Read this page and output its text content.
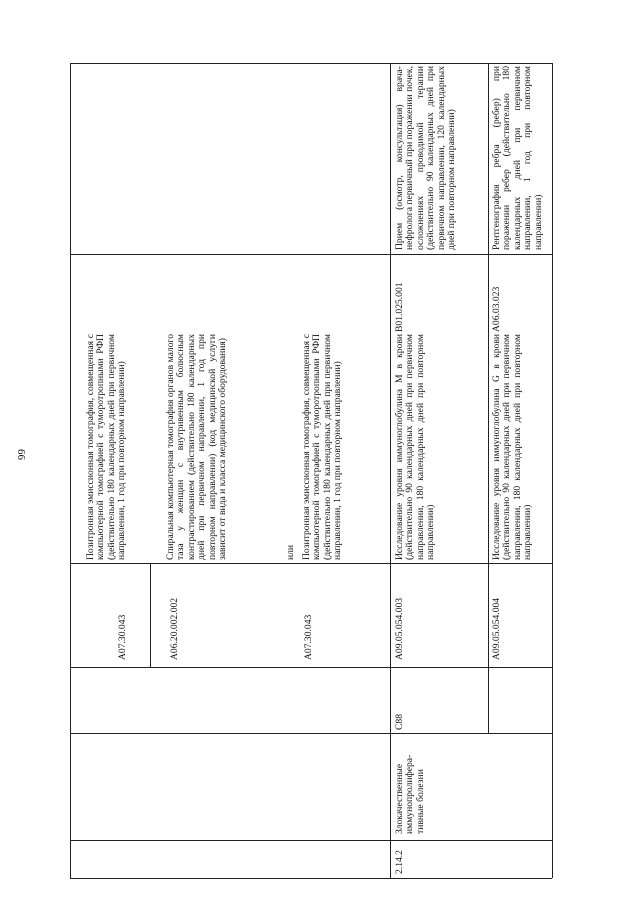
66
A07.30.043
Позитронная эмиссионная томография, совмещенная с компьютерной томографией с туморотропными РФП (действительно 180 календарных дней при первичном направлении, 1 год при повторном направлении)
A06.20.002.002
Спиральная компьютерная томография органов малого таза у женщин с внутривенным болюсным контрастированием (действительно 180 календарных дней при первичном направлении, 1 год при повторном направлении) (код медицинской услуги зависит от вида и класса медицинского оборудования)	или
A07.30.043
Позитронная эмиссионная томография, совмещенная с компьютерной томографией с туморотропными РФП (действительно 180 календарных дней при первичном направлении, 1 год при повторном направлении)
2.14.2
Злокачественные иммунопролифера-тивные болезни
C88
A09.05.054.003
Исследование уровня иммуноглобулина M в крови (действительно 90 календарных дней при первичном направлении, 180 календарных дней при повторном направлении)
B01.025.001
Прием (осмотр, консультация) врача-нефролога первичный при поражении почек, осложнениях проводимой терапии (действительно 90 календарных дней при первичном направлении, 120 календарных дней при повторном направлении)
A09.05.054.004
Исследование уровня иммуноглобулина G в крови (действительно 90 календарных дней при первичном направлении, 180 календарных дней при повторном направлении)
A06.03.023
Рентгенография ребра (ребер) при поражении ребер (действительно 180 календарных дней при первичном направлении, 1 год при повторном направлении)
